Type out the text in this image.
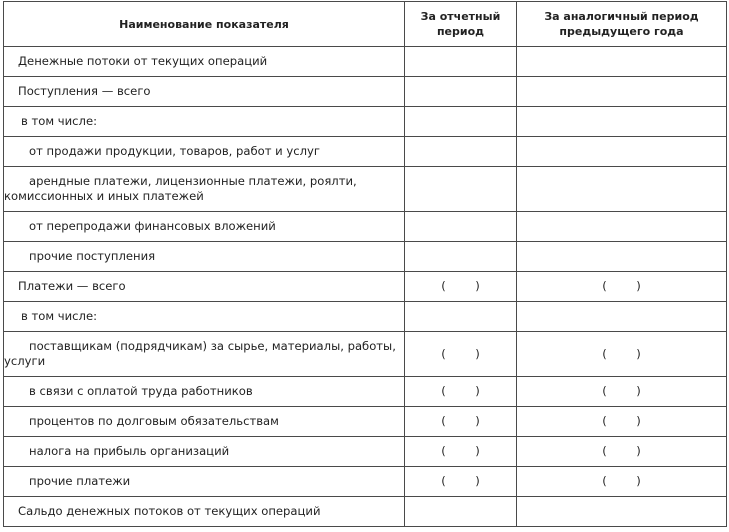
Наименование показателя	За отчетный период	За аналогичный период предыдущего года
Денежные потоки от текущих операций		
Поступления — всего		
в том числе:		
от продажи продукции, товаров, работ и услуг		
арендные платежи, лицензионные платежи, роялти,
комиссионных и иных платежей		
от перепродажи финансовых вложений		
прочие поступления		
Платежи — всего	(        )	(        )
в том числе:		
поставщикам (подрядчикам) за сырье, материалы, работы,
услуги	(        )	(        )
в связи с оплатой труда работников	(        )	(        )
процентов по долговым обязательствам	(        )	(        )
налога на прибыль организаций	(        )	(        )
прочие платежи	(        )	(        )
Сальдо денежных потоков от текущих операций		
